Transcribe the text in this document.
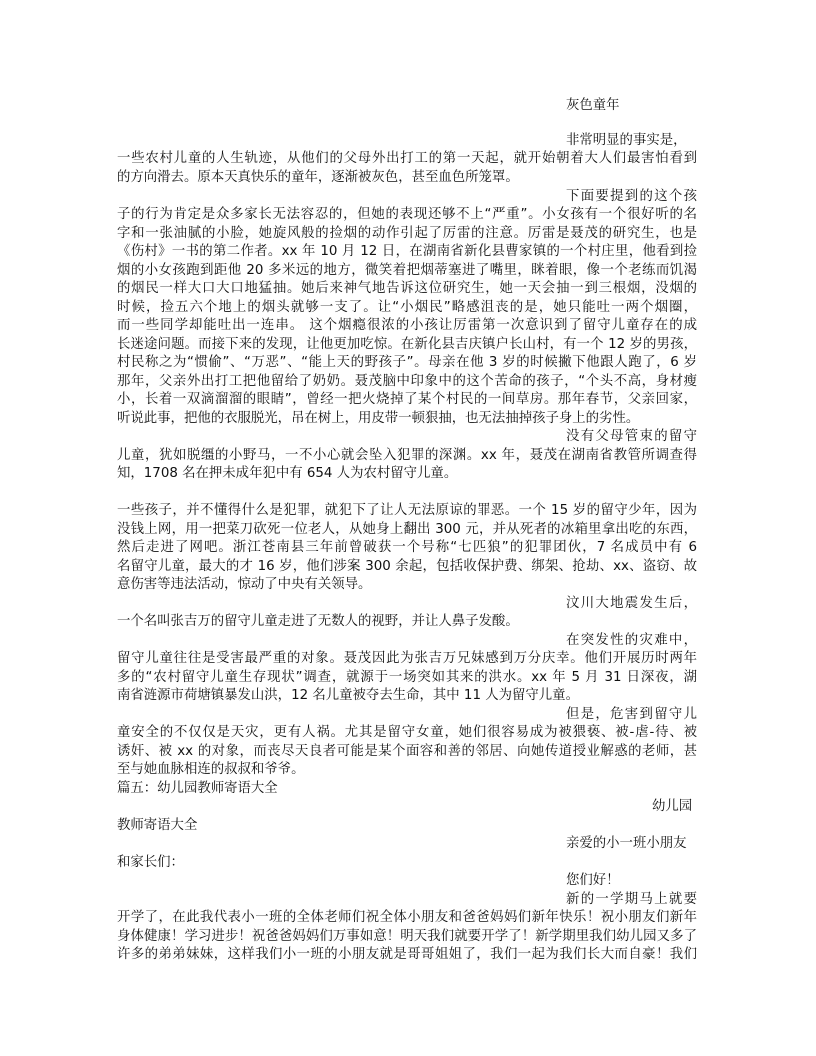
灰色童年
非常明显的事实是，
一些农村儿童的人生轨迹，从他们的父母外出打工的第一天起，就开始朝着大人们最害怕看到
的方向滑去。原本天真快乐的童年，逐渐被灰色，甚至血色所笼罩。
下面要提到的这个孩
子的行为肯定是众多家长无法容忍的，但她的表现还够不上“严重”。小女孩有一个很好听的名
字和一张油腻的小脸，她旋风般的捡烟的动作引起了厉雷的注意。厉雷是聂茂的研究生，也是
《伤村》一书的第二作者。xx 年 10 月 12 日，在湖南省新化县曹家镇的一个村庄里，他看到捡
烟的小女孩跑到距他 20 多米远的地方，微笑着把烟蒂塞进了嘴里，眯着眼，像一个老练而饥渴
的烟民一样大口大口地猛抽。她后来神气地告诉这位研究生，她一天会抽一到三根烟，没烟的
时候，捡五六个地上的烟头就够一支了。让“小烟民”略感沮丧的是，她只能吐一两个烟圈，
而一些同学却能吐出一连串。 这个烟瘾很浓的小孩让厉雷第一次意识到了留守儿童存在的成
长迷途问题。而接下来的发现，让他更加吃惊。在新化县吉庆镇户长山村，有一个 12 岁的男孩，
村民称之为“惯偷”、“万恶”、“能上天的野孩子”。母亲在他 3 岁的时候撇下他跟人跑了，6 岁
那年，父亲外出打工把他留给了奶奶。聂茂脑中印象中的这个苦命的孩子，“个头不高，身材瘦
小，长着一双滴溜溜的眼睛”，曾经一把火烧掉了某个村民的一间草房。那年春节，父亲回家，
听说此事，把他的衣服脱光，吊在树上，用皮带一顿狠抽，也无法抽掉孩子身上的劣性。
没有父母管束的留守
儿童，犹如脱缰的小野马，一不小心就会坠入犯罪的深渊。xx 年，聂茂在湖南省教管所调查得
知，1708 名在押未成年犯中有 654 人为农村留守儿童。
一些孩子，并不懂得什么是犯罪，就犯下了让人无法原谅的罪恶。一个 15 岁的留守少年，因为
没钱上网，用一把菜刀砍死一位老人，从她身上翻出 300 元，并从死者的冰箱里拿出吃的东西，
然后走进了网吧。浙江苍南县三年前曾破获一个号称“七匹狼”的犯罪团伙，7 名成员中有 6
名留守儿童，最大的才 16 岁，他们涉案 300 余起，包括收保护费、绑架、抢劫、xx、盗窃、故
意伤害等违法活动，惊动了中央有关领导。
汶川大地震发生后，
一个名叫张吉万的留守儿童走进了无数人的视野，并让人鼻子发酸。
在突发性的灾难中，
留守儿童往往是受害最严重的对象。聂茂因此为张吉万兄妹感到万分庆幸。他们开展历时两年
多的“农村留守儿童生存现状”调查，就源于一场突如其来的洪水。xx 年 5 月 31 日深夜，湖
南省涟源市荷塘镇暴发山洪，12 名儿童被夺去生命，其中 11 人为留守儿童。
但是，危害到留守儿
童安全的不仅仅是天灾，更有人祸。尤其是留守女童，她们很容易成为被猥亵、被-虐-待、被
诱奸、被 xx 的对象，而丧尽天良者可能是某个面容和善的邻居、向她传道授业解惑的老师，甚
至与她血脉相连的叔叔和爷爷。
篇五：幼儿园教师寄语大全
幼儿园
教师寄语大全
亲爱的小一班小朋友
和家长们：
您们好！
新的一学期马上就要
开学了，在此我代表小一班的全体老师们祝全体小朋友和爸爸妈妈们新年快乐！祝小朋友们新年
身体健康！学习进步！祝爸爸妈妈们万事如意！明天我们就要开学了！新学期里我们幼儿园又多了
许多的弟弟妹妹，这样我们小一班的小朋友就是哥哥姐姐了，我们一起为我们长大而自豪！我们
